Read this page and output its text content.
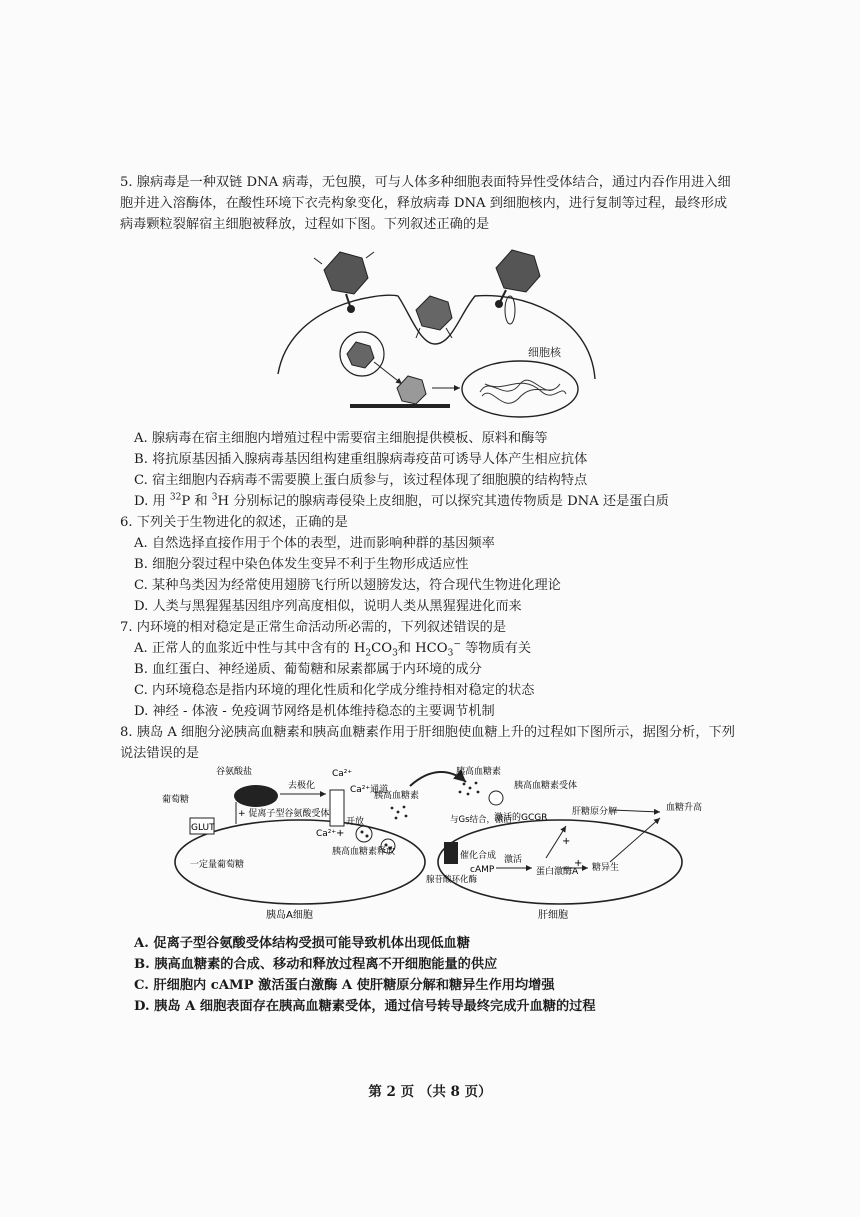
5. 腺病毒是一种双链 DNA 病毒，无包膜，可与人体多种细胞表面特异性受体结合，通过内吞作用进入细胞并进入溶酶体，在酸性环境下衣壳构象变化，释放病毒 DNA 到细胞核内，进行复制等过程，最终形成病毒颗粒裂解宿主细胞被释放，过程如下图。下列叙述正确的是
细胞核
A. 腺病毒在宿主细胞内增殖过程中需要宿主细胞提供模板、原料和酶等
B. 将抗原基因插入腺病毒基因组构建重组腺病毒疫苗可诱导人体产生相应抗体
C. 宿主细胞内吞病毒不需要膜上蛋白质参与，该过程体现了细胞膜的结构特点
D. 用 $^{32}$P 和 $^3$H 分别标记的腺病毒侵染上皮细胞，可以探究其遗传物质是 DNA 还是蛋白质
6. 下列关于生物进化的叙述，正确的是
A. 自然选择直接作用于个体的表型，进而影响种群的基因频率
B. 细胞分裂过程中染色体发生变异不利于生物形成适应性
C. 某种鸟类因为经常使用翅膀飞行所以翅膀发达，符合现代生物进化理论
D. 人类与黑猩猩基因组序列高度相似，说明人类从黑猩猩进化而来
7. 内环境的相对稳定是正常生命活动所必需的，下列叙述错误的是
A. 正常人的血浆近中性与其中含有的 $H_2CO_3$和 $HCO_3^-$ 等物质有关
B. 血红蛋白、神经递质、葡萄糖和尿素都属于内环境的成分
C. 内环境稳态是指内环境的理化性质和化学成分维持相对稳定的状态
D. 神经 - 体液 - 免疫调节网络是机体维持稳态的主要调节机制
8. 胰岛 A 细胞分泌胰高血糖素和胰高血糖素作用于肝细胞使血糖上升的过程如下图所示，据图分析，下列说法错误的是
GLUT
葡萄糖
一定量葡萄糖
谷氨酸盐
+ 促离子型谷氨酸受体
去极化
Ca²⁺
Ca²⁺通道
开放
Ca²⁺ +
胰高血糖素释放
胰高血糖素
胰高血糖素
胰高血糖素受体
与Gs结合，激活
激活的GCGR
催化合成
cAMP
腺苷酸环化酶
激活
蛋白激酶A
肝糖原分解
+
+ 糖异生
血糖升高
胰岛A细胞	肝细胞
A. 促离子型谷氨酸受体结构受损可能导致机体出现低血糖
B. 胰高血糖素的合成、移动和释放过程离不开细胞能量的供应
C. 肝细胞内 cAMP 激活蛋白激酶 A 使肝糖原分解和糖异生作用均增强
D. 胰岛 A 细胞表面存在胰高血糖素受体，通过信号转导最终完成升血糖的过程
第 2 页 （共 8 页）
